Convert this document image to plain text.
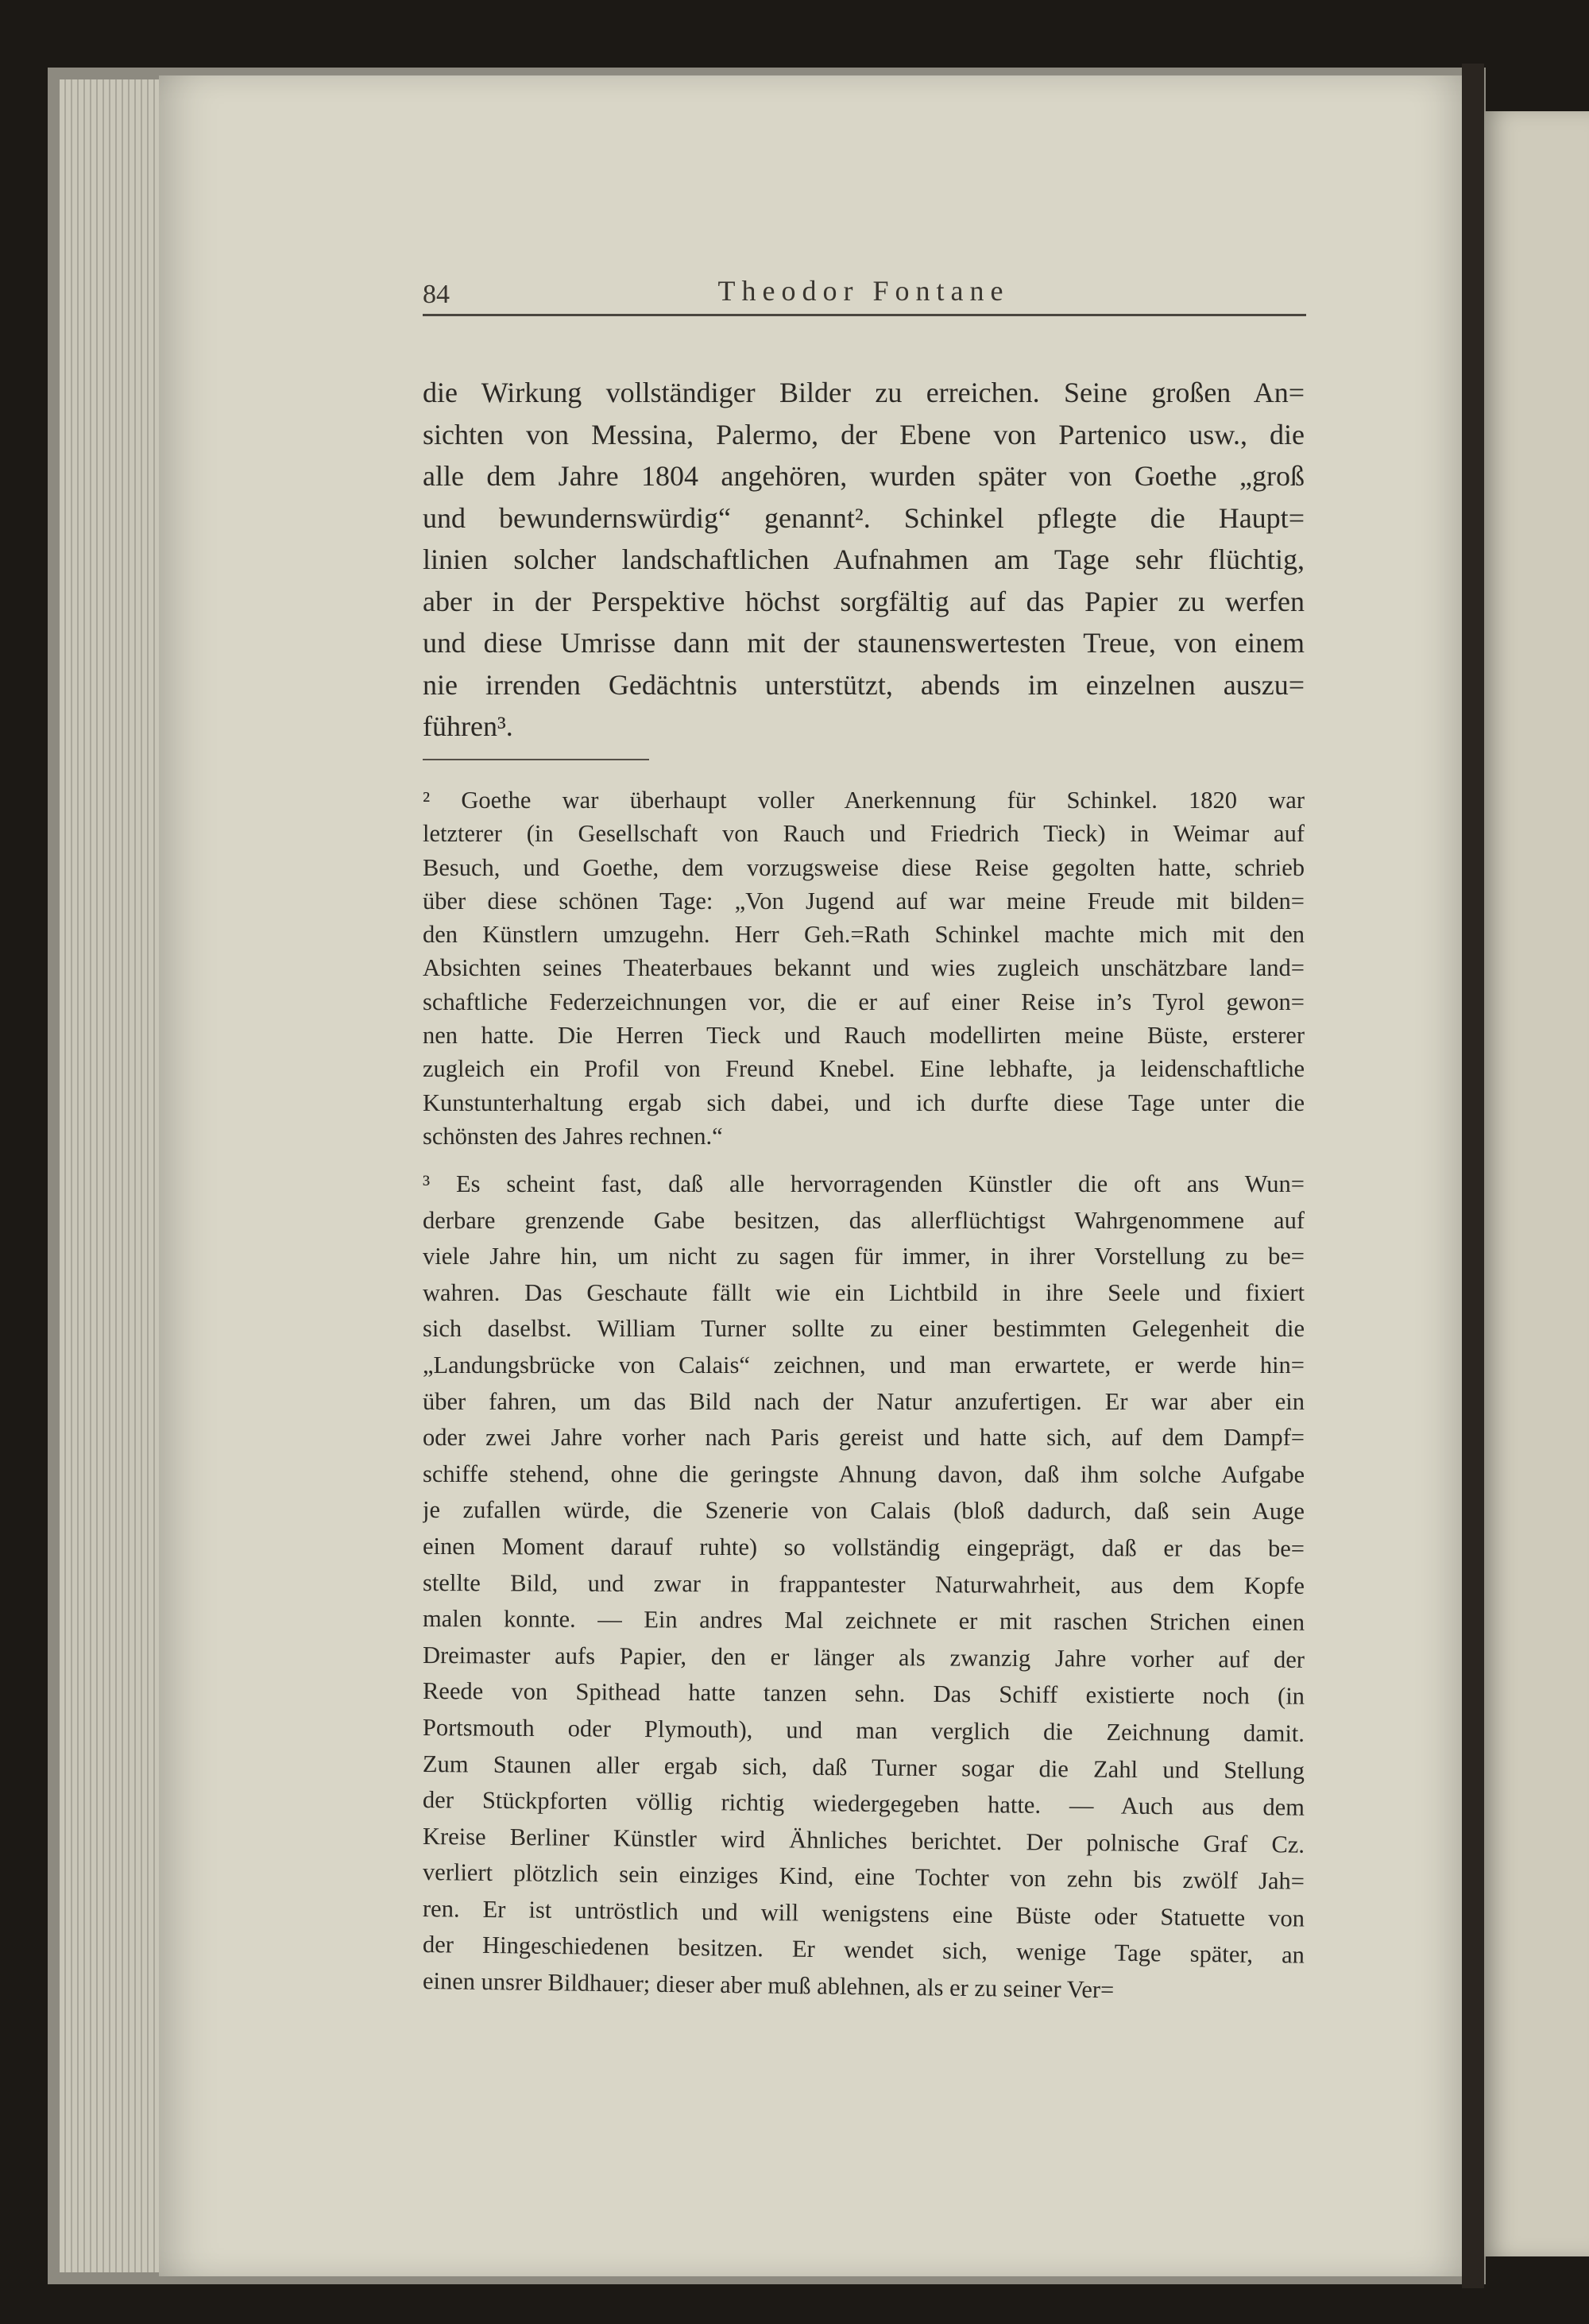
84	Theodor Fontane
die Wirkung vollständiger Bilder zu erreichen. Seine großen An=
sichten von Messina, Palermo, der Ebene von Partenico usw., die
alle dem Jahre 1804 angehören, wurden später von Goethe „groß
und bewundernswürdig“ genannt². Schinkel pflegte die Haupt=
linien solcher landschaftlichen Aufnahmen am Tage sehr flüchtig,
aber in der Perspektive höchst sorgfältig auf das Papier zu werfen
und diese Umrisse dann mit der staunenswertesten Treue, von einem
nie irrenden Gedächtnis unterstützt, abends im einzelnen auszu=
führen³.
² Goethe war überhaupt voller Anerkennung für Schinkel. 1820 war
letzterer (in Gesellschaft von Rauch und Friedrich Tieck) in Weimar auf
Besuch, und Goethe, dem vorzugsweise diese Reise gegolten hatte, schrieb
über diese schönen Tage: „Von Jugend auf war meine Freude mit bilden=
den Künstlern umzugehn. Herr Geh.=Rath Schinkel machte mich mit den
Absichten seines Theaterbaues bekannt und wies zugleich unschätzbare land=
schaftliche Federzeichnungen vor, die er auf einer Reise in’s Tyrol gewon=
nen hatte. Die Herren Tieck und Rauch modellirten meine Büste, ersterer
zugleich ein Profil von Freund Knebel. Eine lebhafte, ja leidenschaftliche
Kunstunterhaltung ergab sich dabei, und ich durfte diese Tage unter die
schönsten des Jahres rechnen.“
³ Es scheint fast, daß alle hervorragenden Künstler die oft ans Wun=
derbare grenzende Gabe besitzen, das allerflüchtigst Wahrgenommene auf
viele Jahre hin, um nicht zu sagen für immer, in ihrer Vorstellung zu be=
wahren. Das Geschaute fällt wie ein Lichtbild in ihre Seele und fixiert
sich daselbst. William Turner sollte zu einer bestimmten Gelegenheit die
„Landungsbrücke von Calais“ zeichnen, und man erwartete, er werde hin=
über fahren, um das Bild nach der Natur anzufertigen. Er war aber ein
oder zwei Jahre vorher nach Paris gereist und hatte sich, auf dem Dampf=
schiffe stehend, ohne die geringste Ahnung davon, daß ihm solche Aufgabe
je zufallen würde, die Szenerie von Calais (bloß dadurch, daß sein Auge
einen Moment darauf ruhte) so vollständig eingeprägt, daß er das be=
stellte Bild, und zwar in frappantester Naturwahrheit, aus dem Kopfe
malen konnte. — Ein andres Mal zeichnete er mit raschen Strichen einen
Dreimaster aufs Papier, den er länger als zwanzig Jahre vorher auf der
Reede von Spithead hatte tanzen sehn. Das Schiff existierte noch (in
Portsmouth oder Plymouth), und man verglich die Zeichnung damit.
Zum Staunen aller ergab sich, daß Turner sogar die Zahl und Stellung
der Stückpforten völlig richtig wiedergegeben hatte. — Auch aus dem
Kreise Berliner Künstler wird Ähnliches berichtet. Der polnische Graf Cz.
verliert plötzlich sein einziges Kind, eine Tochter von zehn bis zwölf Jah=
ren. Er ist untröstlich und will wenigstens eine Büste oder Statuette von
der Hingeschiedenen besitzen. Er wendet sich, wenige Tage später, an
einen unsrer Bildhauer; dieser aber muß ablehnen, als er zu seiner Ver=
